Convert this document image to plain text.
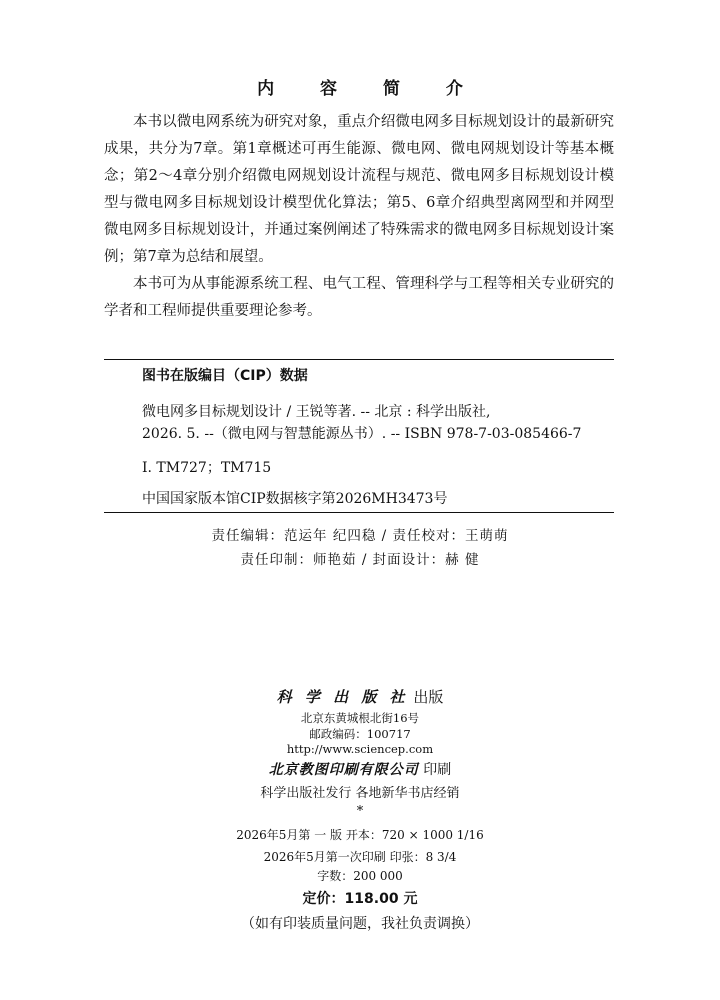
内 容 简 介

本书以微电网系统为研究对象，重点介绍微电网多目标规划设计的最新研究成果，共分为7章。第1章概述可再生能源、微电网、微电网规划设计等基本概念；第2～4章分别介绍微电网规划设计流程与规范、微电网多目标规划设计模型与微电网多目标规划设计模型优化算法；第5、6章介绍典型离网型和并网型微电网多目标规划设计，并通过案例阐述了特殊需求的微电网多目标规划设计案例；第7章为总结和展望。

本书可为从事能源系统工程、电气工程、管理科学与工程等相关专业研究的学者和工程师提供重要理论参考。

图书在版编目（CIP）数据
微电网多目标规划设计 / 王锐等著. -- 北京 : 科学出版社,
2026. 5. --（微电网与智慧能源丛书）. -- ISBN 978-7-03-085466-7
Ⅰ. TM727；TM715
中国国家版本馆CIP数据核字第2026MH3473号
责任编辑：范运年 纪四稳 / 责任校对：王萌萌
责任印制：师艳茹 / 封面设计：赫 健
科 学 出 版 社 出版
北京东黄城根北街16号
邮政编码：100717
http://www.sciencep.com
北京教图印刷有限公司 印刷
科学出版社发行 各地新华书店经销
*
2026年5月第 一 版 开本：720 × 1000 1/16
2026年5月第一次印刷 印张：8 3/4
字数：200 000
定价：118.00 元
（如有印装质量问题，我社负责调换）
